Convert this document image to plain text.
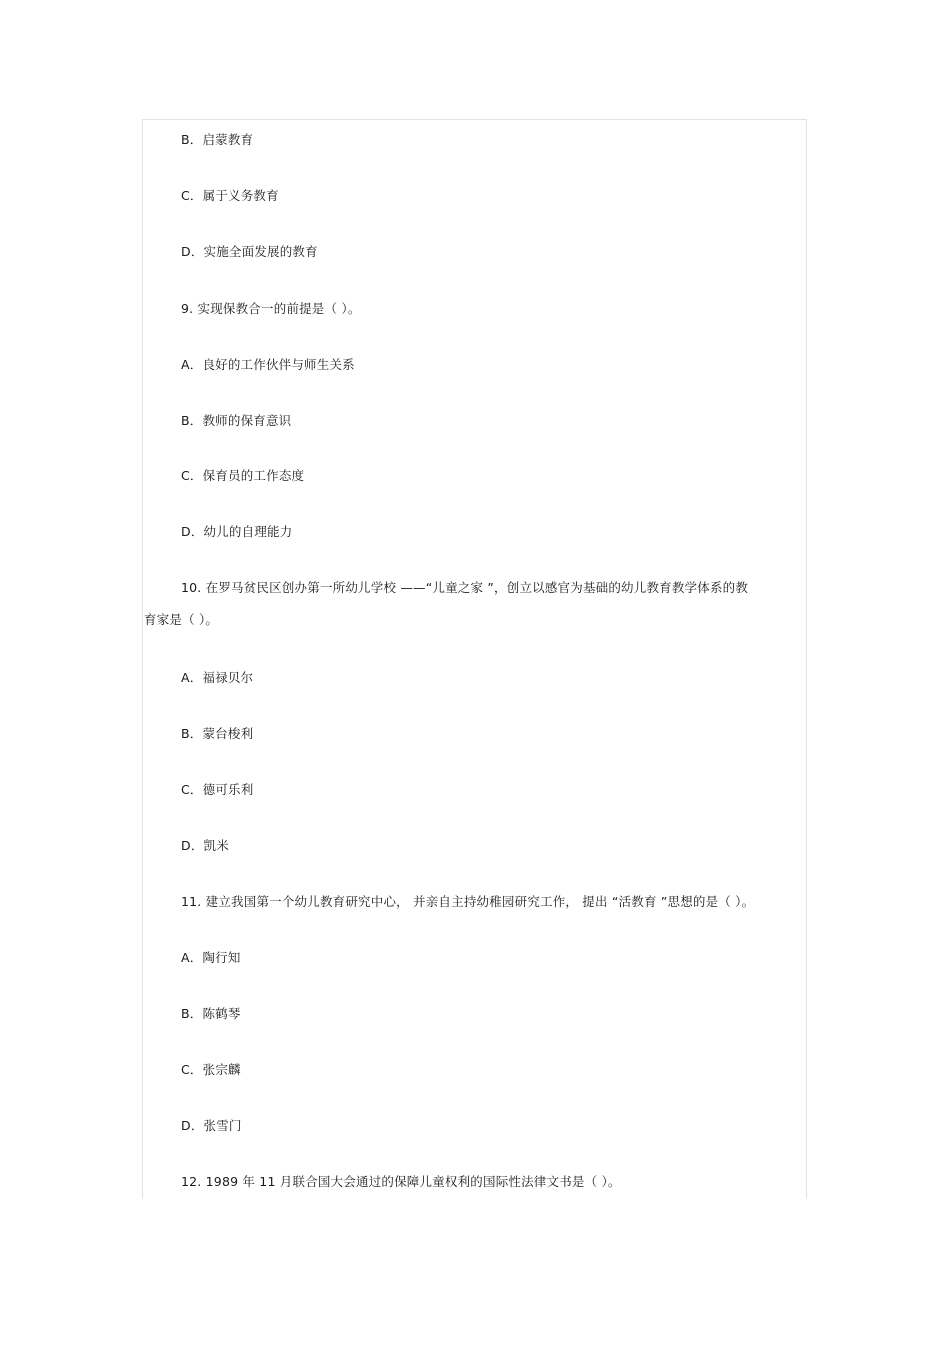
B．启蒙教育
C．属于义务教育
D．实施全面发展的教育
9. 实现保教合一的前提是（ ）。
A．良好的工作伙伴与师生关系
B．教师的保育意识
C．保育员的工作态度
D．幼儿的自理能力
10. 在罗马贫民区创办第一所幼儿学校 ——“儿童之家 ”，创立以感官为基础的幼儿教育教学体系的教
育家是（ ）。
A．福禄贝尔
B．蒙台梭利
C．德可乐利
D．凯米
11. 建立我国第一个幼儿教育研究中心， 并亲自主持幼稚园研究工作， 提出 “活教育 ”思想的是（ ）。
A．陶行知
B．陈鹤琴
C．张宗麟
D．张雪门
12. 1989 年 11 月联合国大会通过的保障儿童权利的国际性法律文书是（ ）。
